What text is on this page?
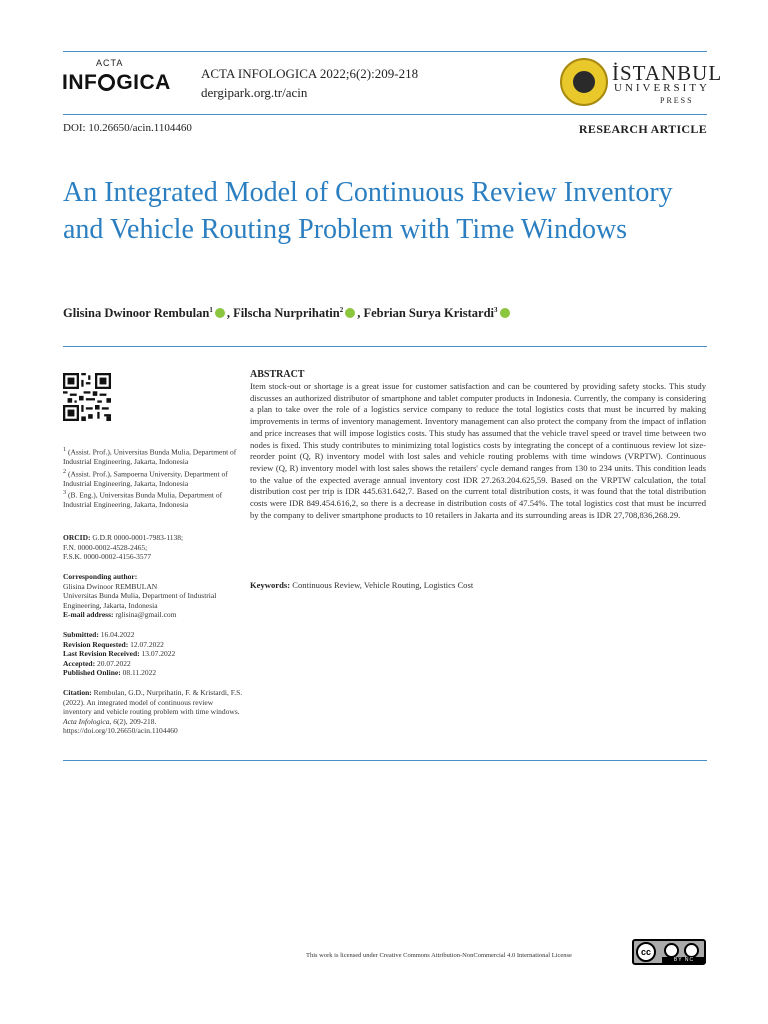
ACTA
INF GICA ACTA INFOLOGICA 2022;6(2):209-218
dergipark.org.tr/acin
İSTANBUL
UNIVERSITY
PRESS
DOI: 10.26650/acin.1104460	RESEARCH ARTICLE
An Integrated Model of Continuous Review Inventory and Vehicle Routing Problem with Time Windows
Glisina Dwinoor Rembulan$^1$ , Filscha Nurprihatin$^2$ , Febrian Surya Kristardi$^3$
$^1$ (Assist. Prof.), Universitas Bunda Mulia, Department of Industrial Engineering, Jakarta, Indonesia
$^2$ (Assist. Prof.), Sampoerna University, Department of Industrial Engineering, Jakarta, Indonesia
$^3$ (B. Eng.), Universitas Bunda Mulia, Department of Industrial Engineering, Jakarta, Indonesia
ORCID: G.D.R 0000-0001-7983-1138;
F.N. 0000-0002-4528-2465;
F.S.K. 0000-0002-4156-3577
Corresponding author:
Glisina Dwinoor REMBULAN
Universitas Bunda Mulia, Department of Industrial Engineering, Jakarta, Indonesia
E-mail address: rglisina@gmail.com
Submitted: 16.04.2022
Revision Requested: 12.07.2022
Last Revision Received: 13.07.2022
Accepted: 20.07.2022
Published Online: 08.11.2022
Citation: Rembulan, G.D., Nurprihatin, F. & Kristardi, F.S. (2022). An integrated model of continuous review inventory and vehicle routing problem with time windows. Acta Infologica, 6(2), 209-218.
https://doi.org/10.26650/acin.1104460
ABSTRACT
Item stock-out or shortage is a great issue for customer satisfaction and can be countered by providing safety stocks. This study discusses an authorized distributor of smartphone and tablet computer products in Indonesia. Currently, the company is considering a plan to take over the role of a logistics service company to reduce the total logistics costs that must be incurred by making improvements in terms of inventory management. Inventory management can also protect the company from the impact of inflation and price increases that will impose logistics costs. This study has assumed that the vehicle travel speed or travel time between two nodes is fixed. This study contributes to minimizing total logistics costs by integrating the concept of a continuous review lot size-reorder point (Q, R) inventory model with lost sales and vehicle routing problems with time windows (VRPTW). Continuous review (Q, R) inventory model with lost sales shows the retailers' cycle demand ranges from 130 to 234 units. This condition leads to the value of the expected average annual inventory cost IDR 27.263.204.625,59. Based on the VRPTW calculation, the total distribution cost per trip is IDR 445.631.642,7. Based on the current total distribution costs, it was found that the total distribution costs were IDR 849.454.616,2, so there is a decrease in distribution costs of 47.54%. The total logistics cost that must be incurred by the company to deliver smartphone products to 10 retailers in Jakarta and its surrounding areas is IDR 27,708,836,268.29.
Keywords: Continuous Review, Vehicle Routing, Logistics Cost
This work is licensed under Creative Commons Attribution-NonCommercial 4.0 International License	cc
BY NC
